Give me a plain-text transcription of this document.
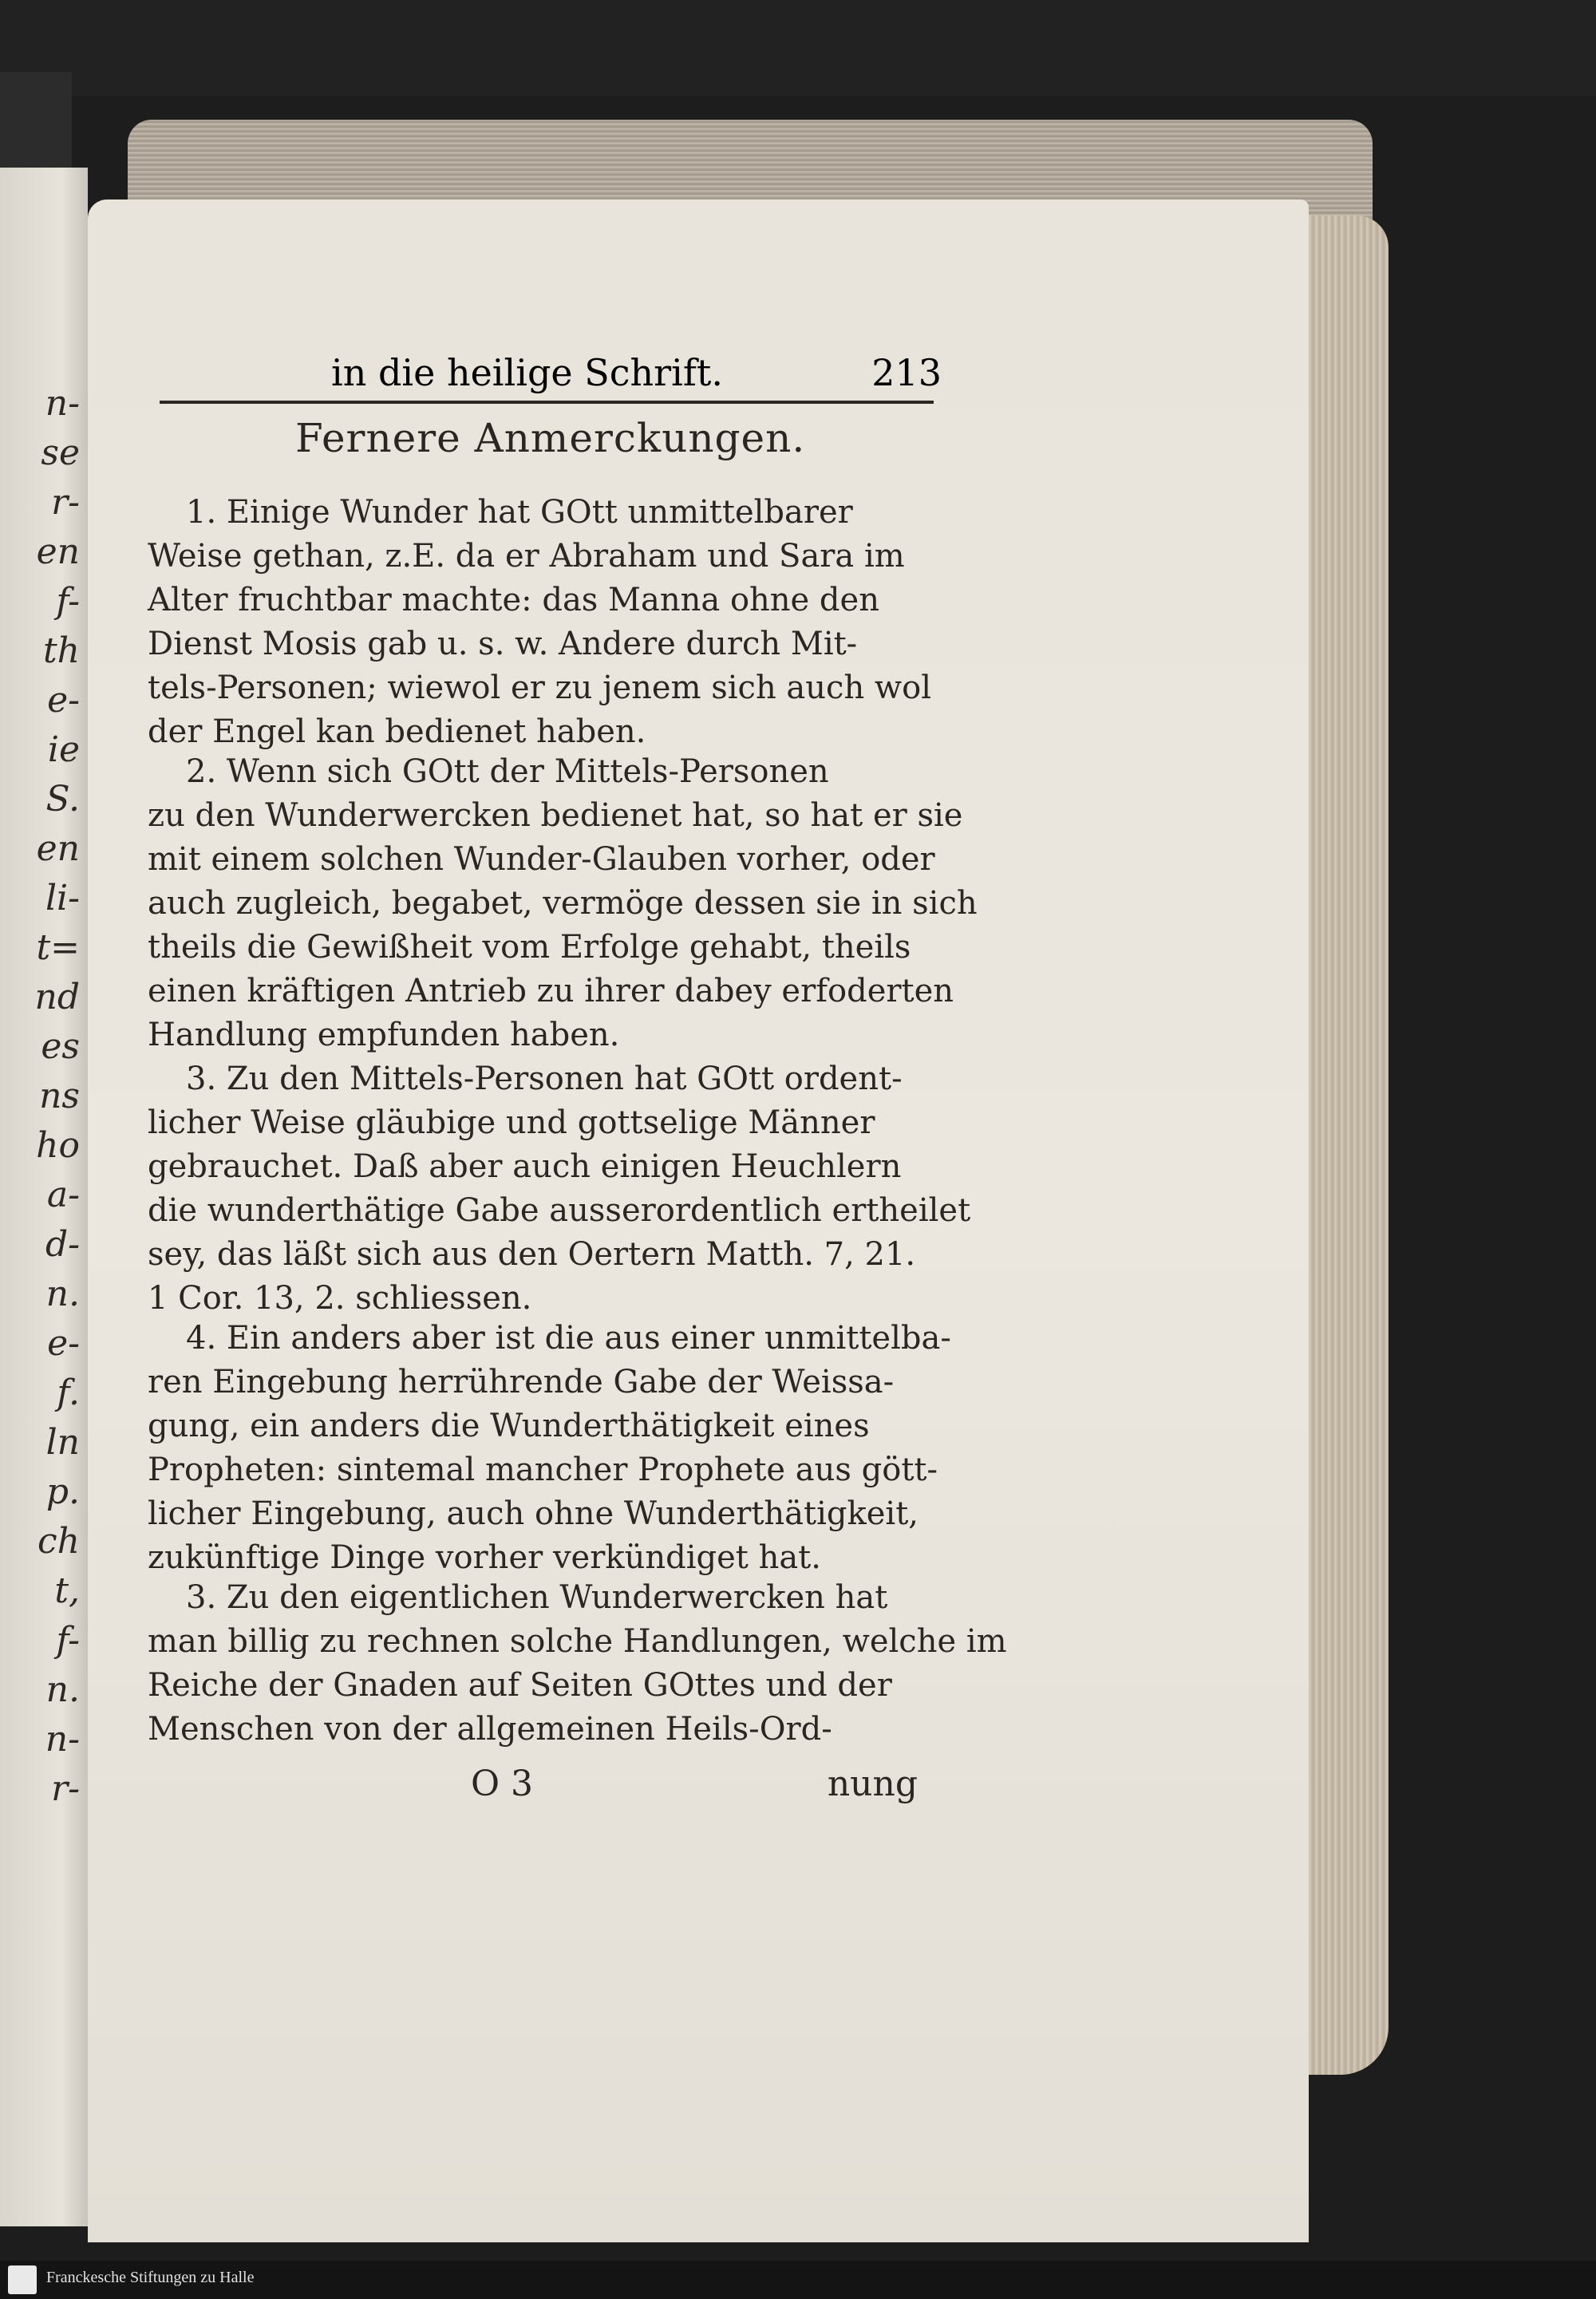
n-
se
r-
en
f-
th
e-
ie
S.
en
li-
t=
nd
es
ns
ho
a-
d-
n.
e-
f.
ln
p.
ch
t,
f-
n.
n-
r-
in die heilige Schrift.	213
Fernere Anmerckungen.

1. Einige Wunder hat GOtt unmittelbarer

Weise gethan, z.E. da er Abraham und Sara im

Alter fruchtbar machte: das Manna ohne den

Dienst Mosis gab u. s. w. Andere durch Mit-

tels-Personen; wiewol er zu jenem sich auch wol

der Engel kan bedienet haben.

2. Wenn sich GOtt der Mittels-Personen

zu den Wunderwercken bedienet hat, so hat er sie

mit einem solchen Wunder-Glauben vorher, oder

auch zugleich, begabet, vermöge dessen sie in sich

theils die Gewißheit vom Erfolge gehabt, theils

einen kräftigen Antrieb zu ihrer dabey erfoderten

Handlung empfunden haben.

3. Zu den Mittels-Personen hat GOtt ordent-

licher Weise gläubige und gottselige Männer

gebrauchet. Daß aber auch einigen Heuchlern

die wunderthätige Gabe ausserordentlich ertheilet

sey, das läßt sich aus den Oertern Matth. 7, 21.

1 Cor. 13, 2. schliessen.

4. Ein anders aber ist die aus einer unmittelba-

ren Eingebung herrührende Gabe der Weissa-

gung, ein anders die Wunderthätigkeit eines

Propheten: sintemal mancher Prophete aus gött-

licher Eingebung, auch ohne Wunderthätigkeit,

zukünftige Dinge vorher verkündiget hat.

3. Zu den eigentlichen Wunderwercken hat

man billig zu rechnen solche Handlungen, welche im

Reiche der Gnaden auf Seiten GOttes und der

Menschen von der allgemeinen Heils-Ord-

O 3	nung
Franckesche Stiftungen zu Halle
